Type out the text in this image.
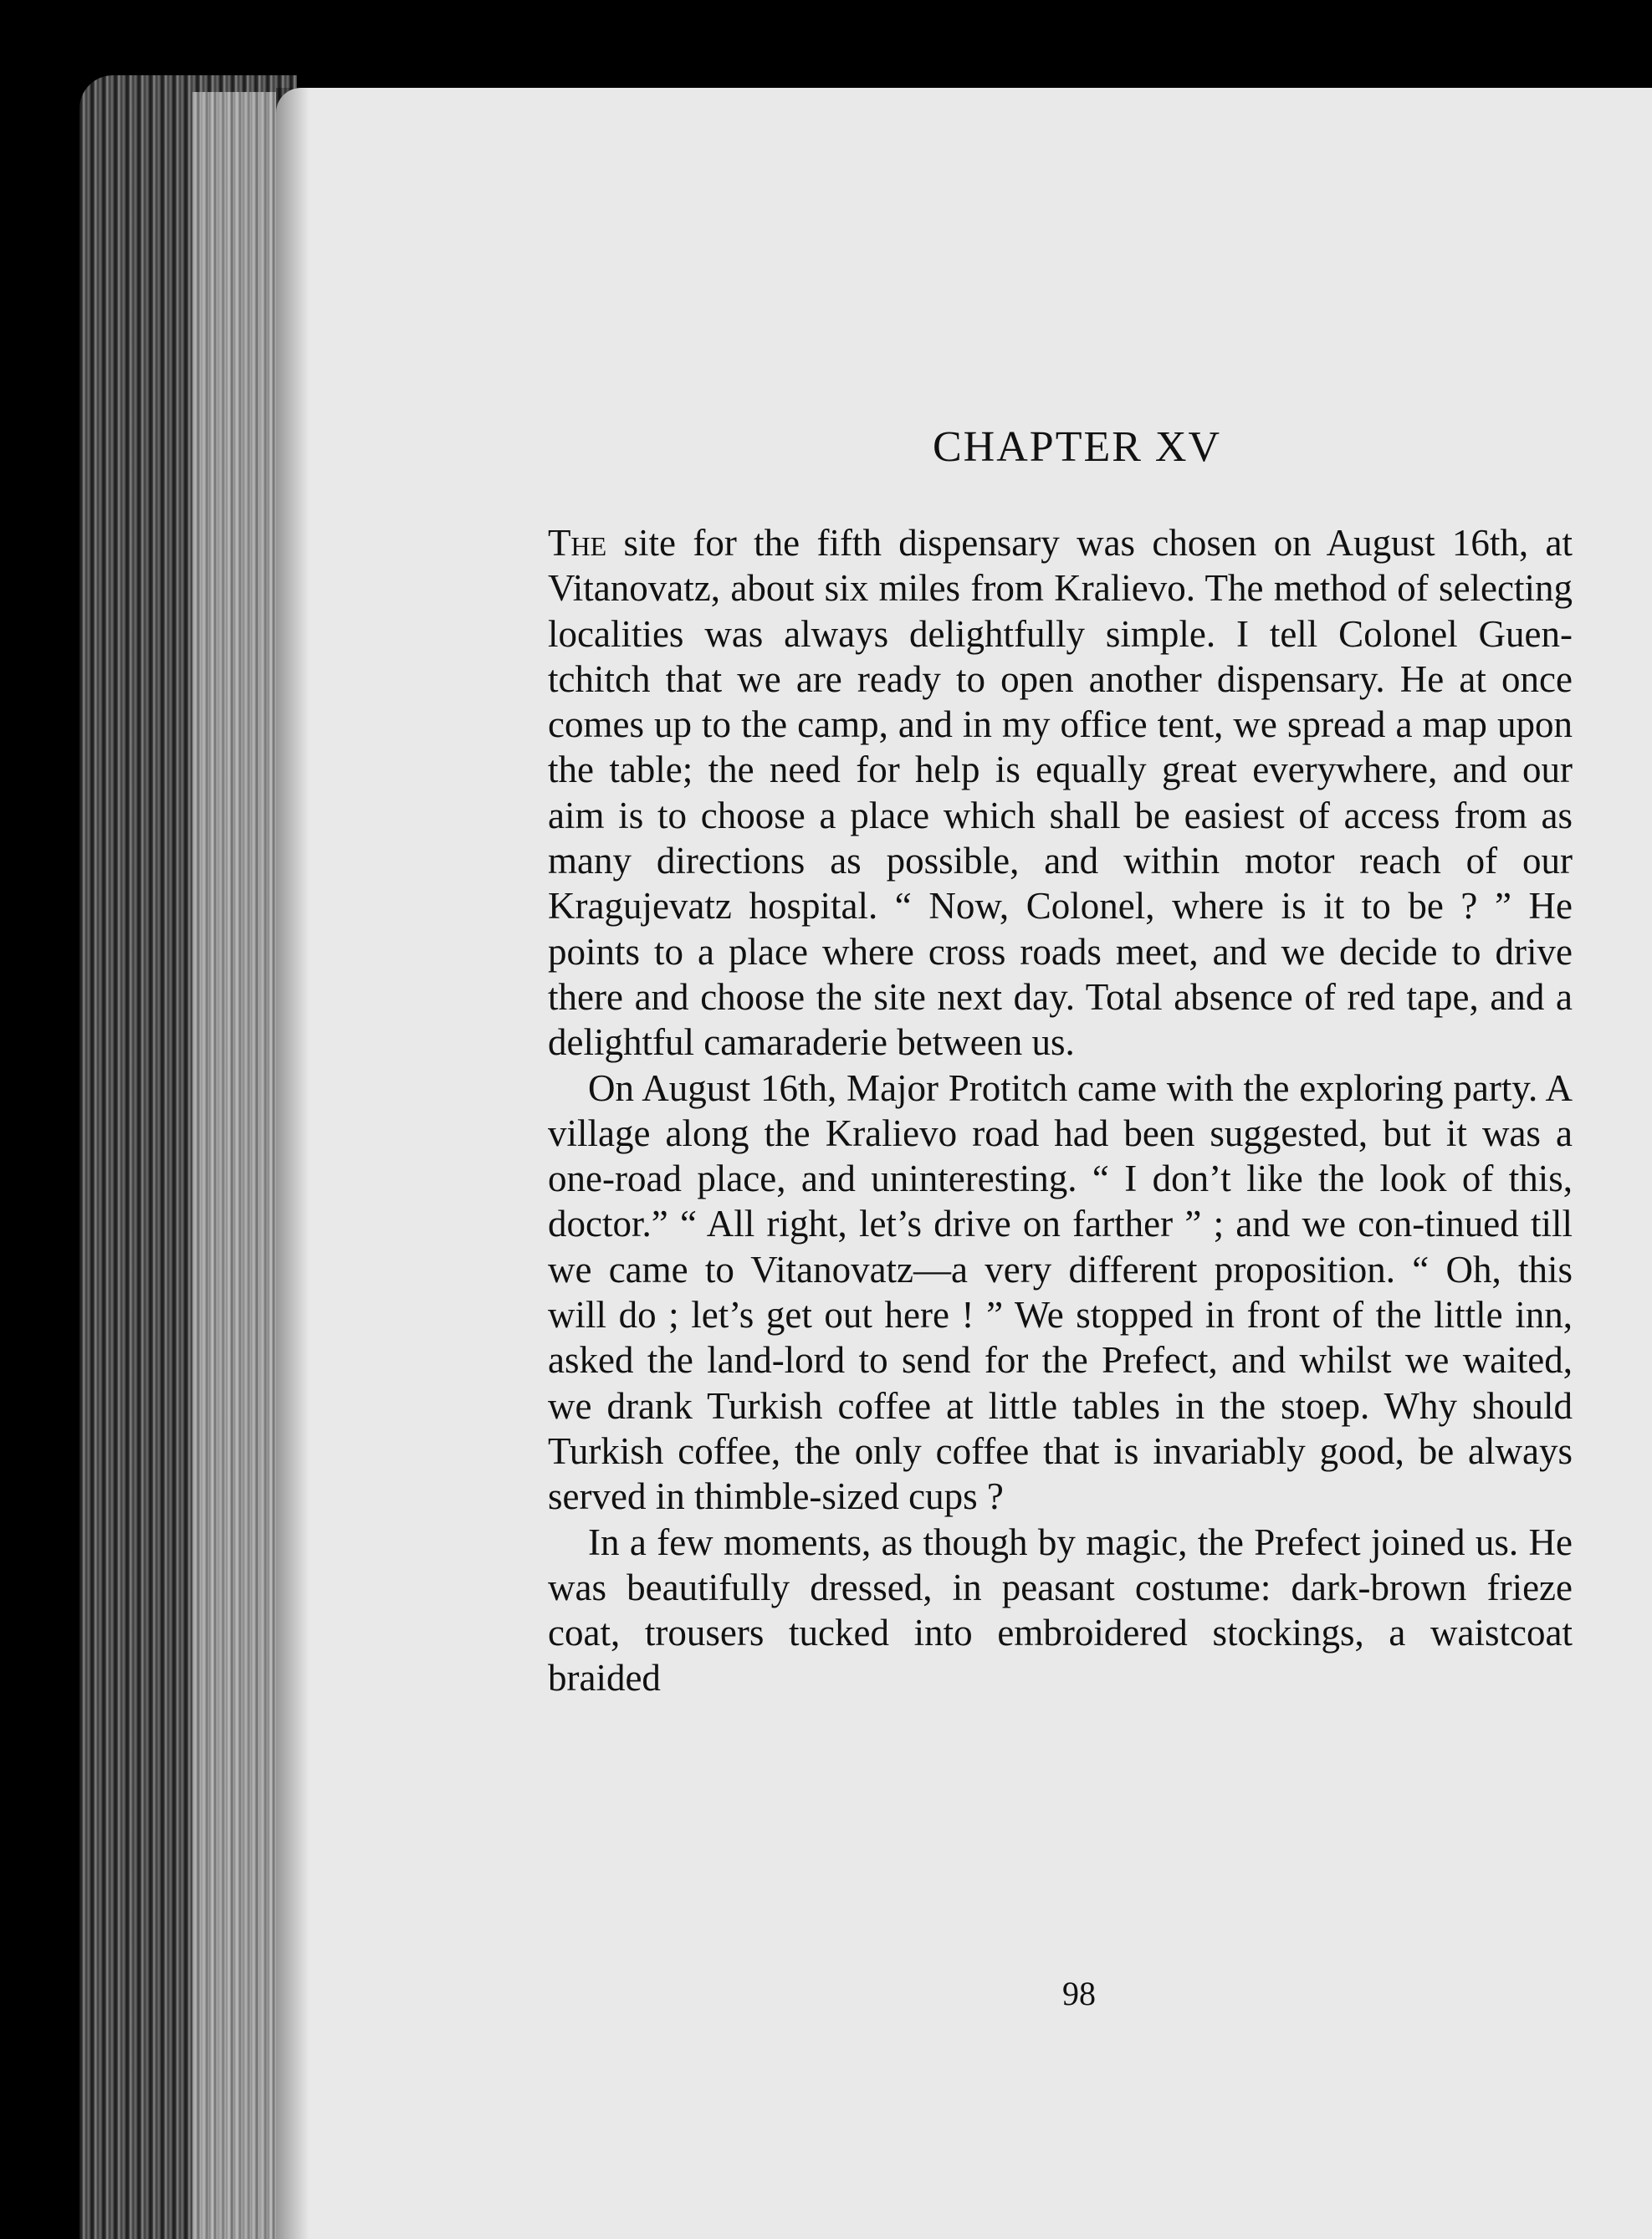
CHAPTER XV

The site for the fifth dispensary was chosen on August 16th, at Vitanovatz, about six miles from Kralievo. The method of selecting localities was always delightfully simple. I tell Colonel Guen-tchitch that we are ready to open another dispensary. He at once comes up to the camp, and in my office tent, we spread a map upon the table; the need for help is equally great everywhere, and our aim is to choose a place which shall be easiest of access from as many directions as possible, and within motor reach of our Kragujevatz hospital. “ Now, Colonel, where is it to be ? ” He points to a place where cross roads meet, and we decide to drive there and choose the site next day. Total absence of red tape, and a delightful camaraderie between us.

On August 16th, Major Protitch came with the exploring party. A village along the Kralievo road had been suggested, but it was a one-road place, and uninteresting. “ I don’t like the look of this, doctor.” “ All right, let’s drive on farther ” ; and we con-tinued till we came to Vitanovatz—a very different proposition. “ Oh, this will do ; let’s get out here ! ” We stopped in front of the little inn, asked the land-lord to send for the Prefect, and whilst we waited, we drank Turkish coffee at little tables in the stoep. Why should Turkish coffee, the only coffee that is invariably good, be always served in thimble-sized cups ?

In a few moments, as though by magic, the Prefect joined us. He was beautifully dressed, in peasant costume: dark-brown frieze coat, trousers tucked into embroidered stockings, a waistcoat braided

98
